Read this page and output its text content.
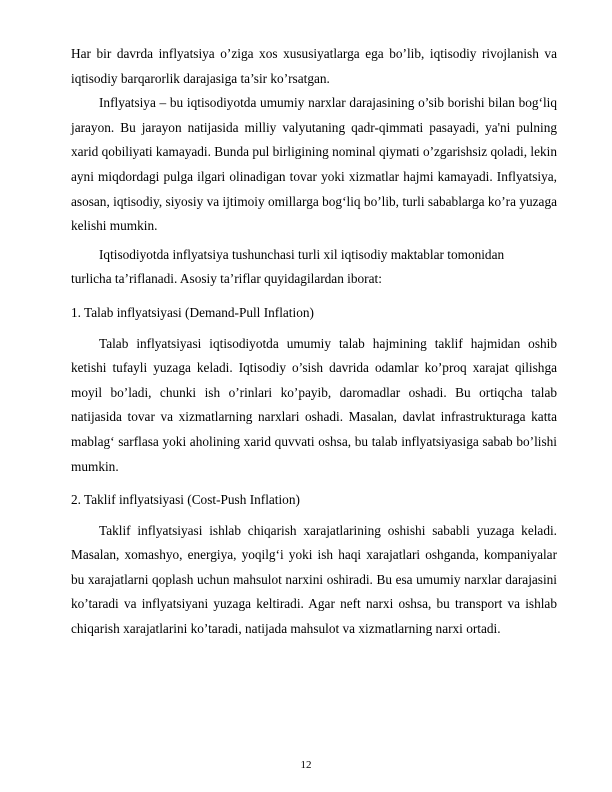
Har bir davrda inflyatsiya o’ziga xos xususiyatlarga ega bo’lib, iqtisodiy rivojlanish va iqtisodiy barqarorlik darajasiga ta’sir ko’rsatgan.

Inflyatsiya – bu iqtisodiyotda umumiy narxlar darajasining o’sib borishi bilan bog‘liq jarayon. Bu jarayon natijasida milliy valyutaning qadr-qimmati pasayadi, ya'ni pulning xarid qobiliyati kamayadi. Bunda pul birligining nominal qiymati o’zgarishsiz qoladi, lekin ayni miqdordagi pulga ilgari olinadigan tovar yoki xizmatlar hajmi kamayadi. Inflyatsiya, asosan, iqtisodiy, siyosiy va ijtimoiy omillarga bog‘liq bo’lib, turli sabablarga ko’ra yuzaga kelishi mumkin.

Iqtisodiyotda inflyatsiya tushunchasi turli xil iqtisodiy maktablar tomonidan

turlicha ta’riflanadi. Asosiy ta’riflar quyidagilardan iborat:

1. Talab inflyatsiyasi (Demand-Pull Inflation)

Talab inflyatsiyasi iqtisodiyotda umumiy talab hajmining taklif hajmidan oshib ketishi tufayli yuzaga keladi. Iqtisodiy o’sish davrida odamlar ko’proq xarajat qilishga moyil bo’ladi, chunki ish o’rinlari ko’payib, daromadlar oshadi. Bu ortiqcha talab natijasida tovar va xizmatlarning narxlari oshadi. Masalan, davlat infrastrukturaga katta mablag‘ sarflasa yoki aholining xarid quvvati oshsa, bu talab inflyatsiyasiga sabab bo’lishi mumkin.

2. Taklif inflyatsiyasi (Cost-Push Inflation)

Taklif inflyatsiyasi ishlab chiqarish xarajatlarining oshishi sababli yuzaga keladi. Masalan, xomashyo, energiya, yoqilg‘i yoki ish haqi xarajatlari oshganda, kompaniyalar bu xarajatlarni qoplash uchun mahsulot narxini oshiradi. Bu esa umumiy narxlar darajasini ko’taradi va inflyatsiyani yuzaga keltiradi. Agar neft narxi oshsa, bu transport va ishlab chiqarish xarajatlarini ko’taradi, natijada mahsulot va xizmatlarning narxi ortadi.

12
